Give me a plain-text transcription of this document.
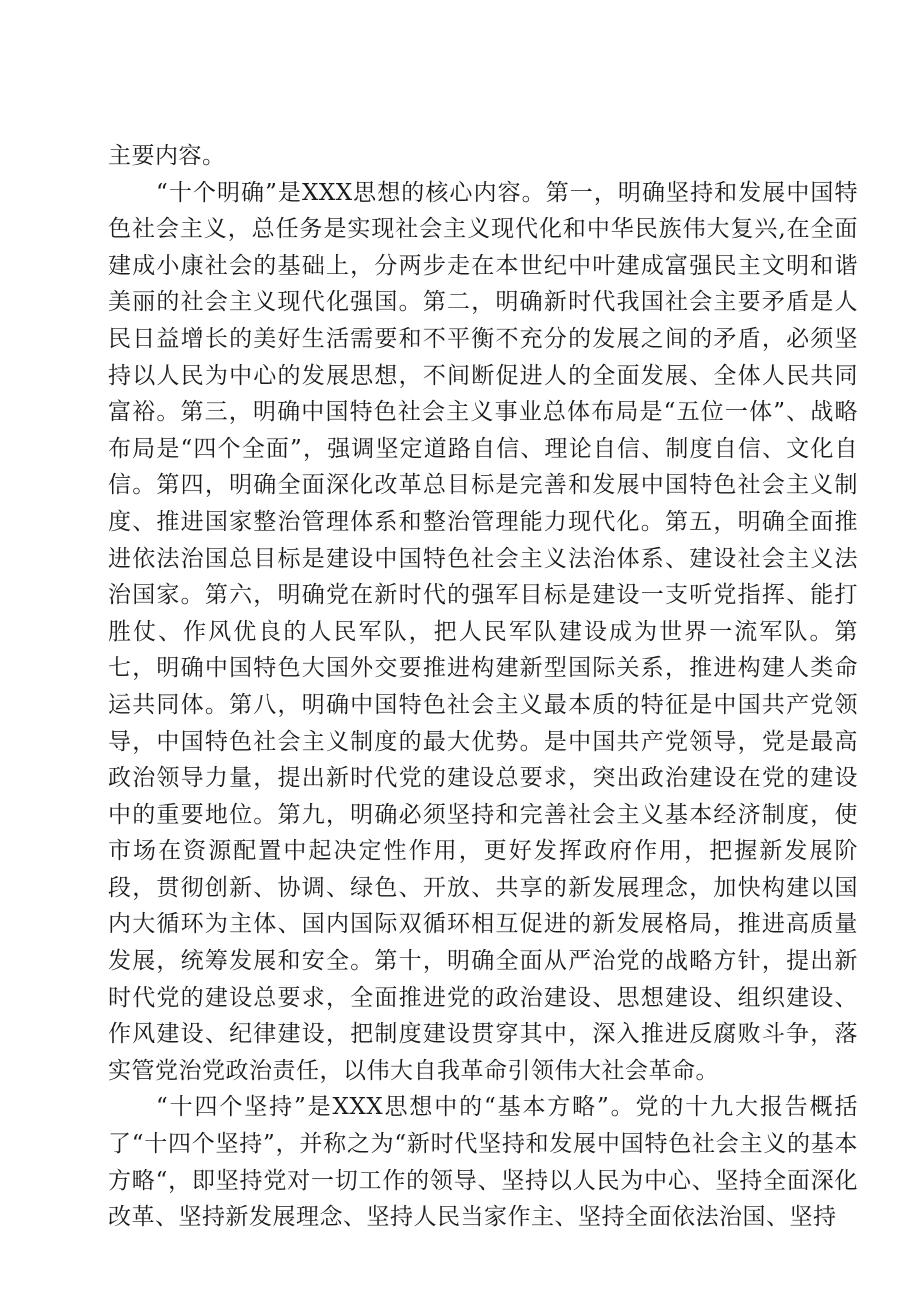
主要内容。

“十个明确”是XXX思想的核心内容。第一，明确坚持和发展中国特色社会主义，总任务是实现社会主义现代化和中华民族伟大复兴,在全面建成小康社会的基础上，分两步走在本世纪中叶建成富强民主文明和谐美丽的社会主义现代化强国。第二，明确新时代我国社会主要矛盾是人民日益增长的美好生活需要和不平衡不充分的发展之间的矛盾，必须坚持以人民为中心的发展思想，不间断促进人的全面发展、全体人民共同富裕。第三，明确中国特色社会主义事业总体布局是“五位一体”、战略布局是“四个全面”，强调坚定道路自信、理论自信、制度自信、文化自信。第四，明确全面深化改革总目标是完善和发展中国特色社会主义制度、推进国家整治管理体系和整治管理能力现代化。第五，明确全面推进依法治国总目标是建设中国特色社会主义法治体系、建设社会主义法治国家。第六，明确党在新时代的强军目标是建设一支听党指挥、能打胜仗、作风优良的人民军队，把人民军队建设成为世界一流军队。第七，明确中国特色大国外交要推进构建新型国际关系，推进构建人类命运共同体。第八，明确中国特色社会主义最本质的特征是中国共产党领导，中国特色社会主义制度的最大优势。是中国共产党领导，党是最高政治领导力量，提出新时代党的建设总要求，突出政治建设在党的建设中的重要地位。第九，明确必须坚持和完善社会主义基本经济制度，使市场在资源配置中起决定性作用，更好发挥政府作用，把握新发展阶段，贯彻创新、协调、绿色、开放、共享的新发展理念，加快构建以国内大循环为主体、国内国际双循环相互促进的新发展格局，推进高质量发展，统筹发展和安全。第十，明确全面从严治党的战略方针，提出新时代党的建设总要求，全面推进党的政治建设、思想建设、组织建设、作风建设、纪律建设，把制度建设贯穿其中，深入推进反腐败斗争，落实管党治党政治责任，以伟大自我革命引领伟大社会革命。

“十四个坚持”是XXX思想中的“基本方略”。党的十九大报告概括了“十四个坚持”，并称之为“新时代坚持和发展中国特色社会主义的基本方略“，即坚持党对一切工作的领导、坚持以人民为中心、坚持全面深化改革、坚持新发展理念、坚持人民当家作主、坚持全面依法治国、坚持
